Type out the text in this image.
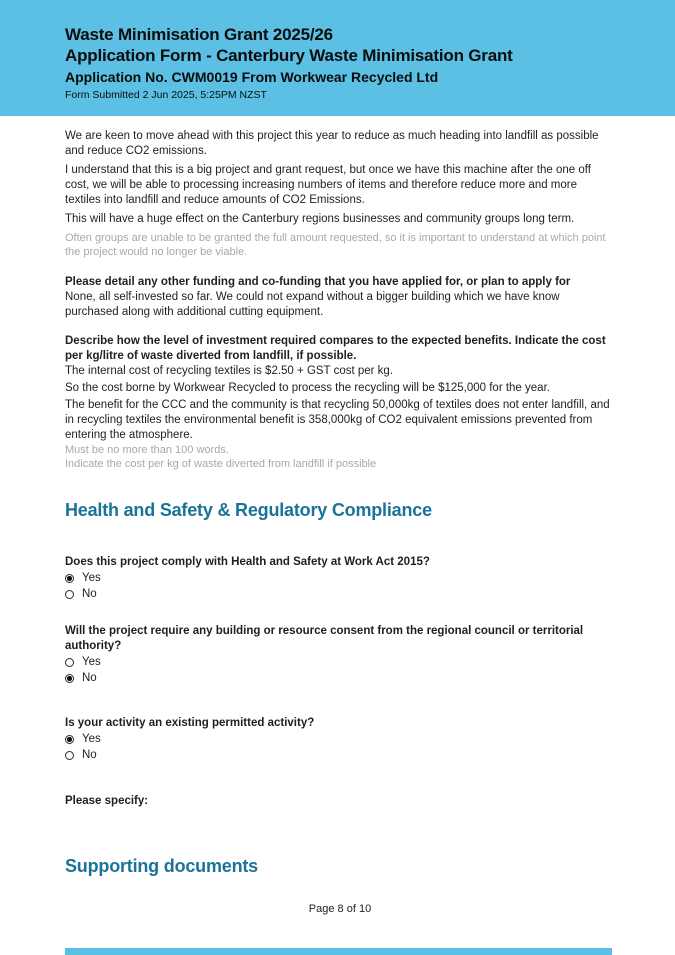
Waste Minimisation Grant 2025/26
Application Form - Canterbury Waste Minimisation Grant
Application No. CWM0019 From Workwear Recycled Ltd
Form Submitted 2 Jun 2025, 5:25PM NZST

We are keen to move ahead with this project this year to reduce as much heading into landfill as possible and reduce CO2 emissions.

I understand that this is a big project and grant request, but once we have this machine after the one off cost, we will be able to processing increasing numbers of items and therefore reduce more and more textiles into landfill and reduce amounts of CO2 Emissions.

This will have a huge effect on the Canterbury regions businesses and community groups long term.

Often groups are unable to be granted the full amount requested, so it is important to understand at which point the project would no longer be viable.

Please detail any other funding and co-funding that you have applied for, or plan to apply for
None, all self-invested so far. We could not expand without a bigger building which we have know purchased along with additional cutting equipment.
Describe how the level of investment required compares to the expected benefits. Indicate the cost per kg/litre of waste diverted from landfill, if possible.

The internal cost of recycling textiles is $2.50 + GST cost per kg.

So the cost borne by Workwear Recycled to process the recycling will be $125,000 for the year.

The benefit for the CCC and the community is that recycling 50,000kg of textiles does not enter landfill, and in recycling textiles the environmental benefit is 358,000kg of CO2 equivalent emissions prevented from entering the atmosphere.

Must be no more than 100 words.
Indicate the cost per kg of waste diverted from landfill if possible
Health and Safety & Regulatory Compliance
Does this project comply with Health and Safety at Work Act 2015?
Yes
No
Will the project require any building or resource consent from the regional council or territorial authority?
Yes
No
Is your activity an existing permitted activity?
Yes
No
Please specify:
Supporting documents
Page 8 of 10
